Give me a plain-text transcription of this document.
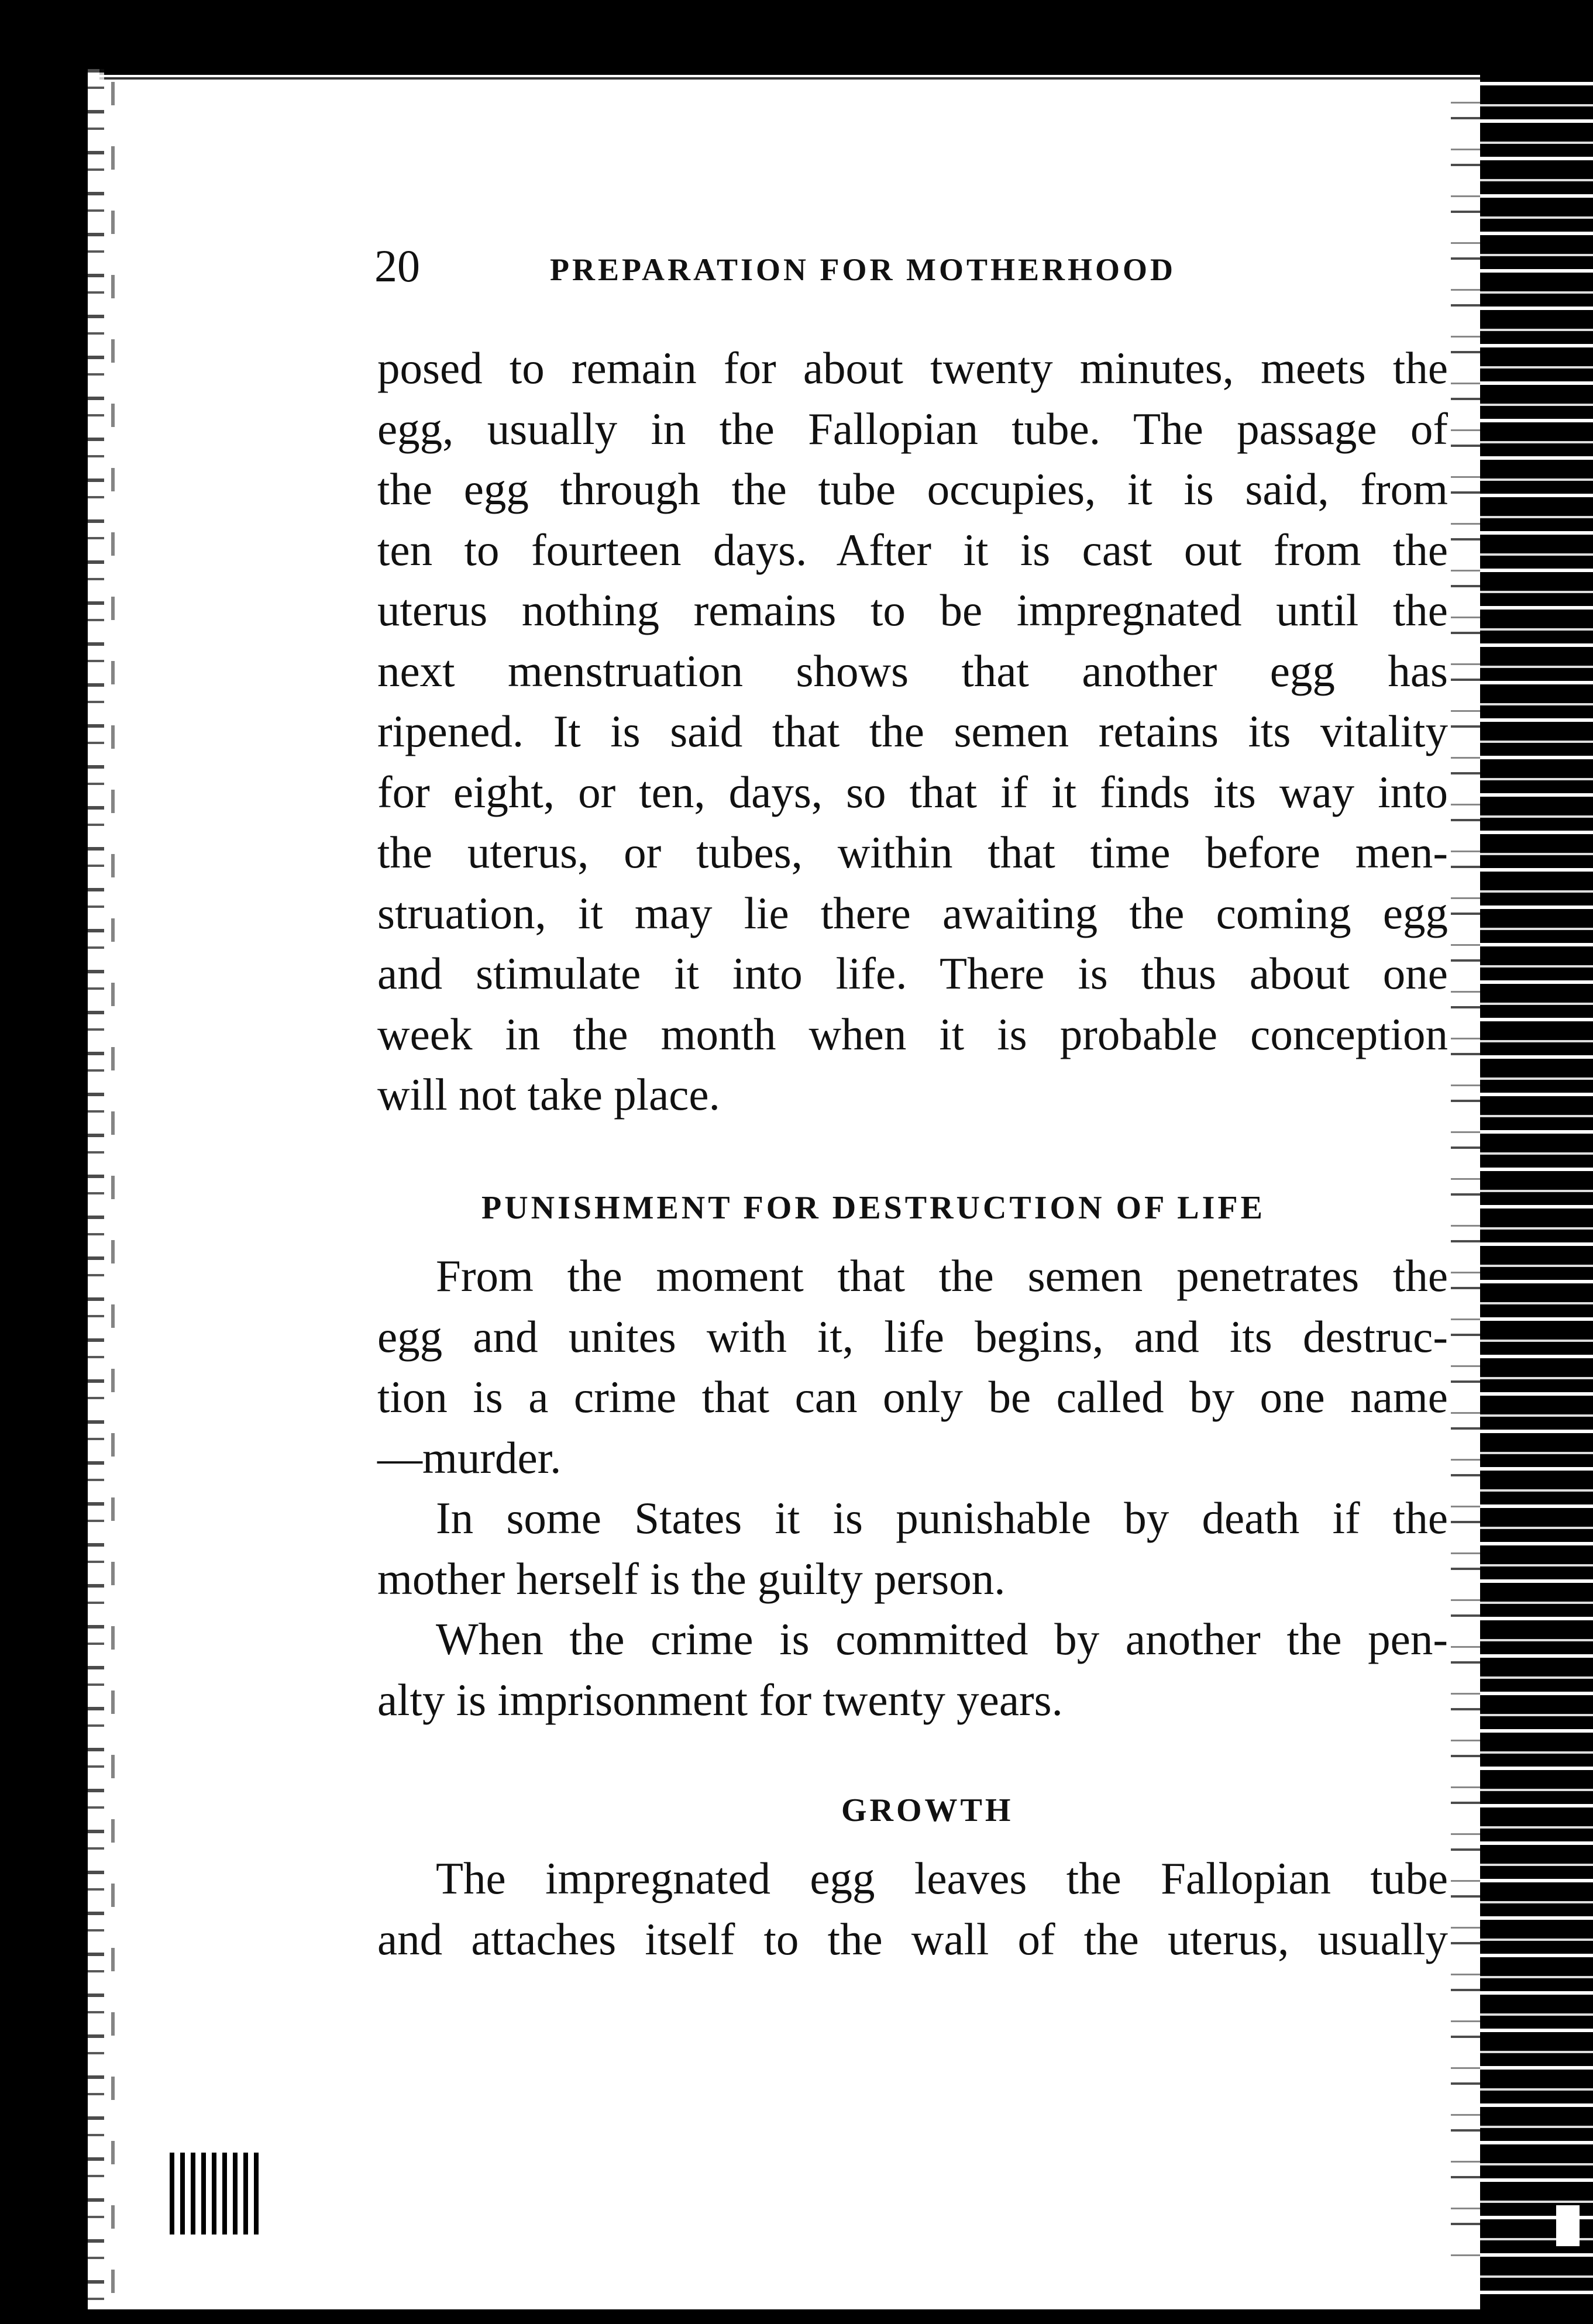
20	PREPARATION FOR MOTHERHOOD
posed to remain for about twenty minutes, meets the
egg, usually in the Fallopian tube. The passage of
the egg through the tube occupies, it is said, from
ten to fourteen days. After it is cast out from the
uterus nothing remains to be impregnated until the
next menstruation shows that another egg has
ripened. It is said that the semen retains its vitality
for eight, or ten, days, so that if it finds its way into
the uterus, or tubes, within that time before men-
struation, it may lie there awaiting the coming egg
and stimulate it into life. There is thus about one
week in the month when it is probable conception
will not take place.
PUNISHMENT FOR DESTRUCTION OF LIFE
From the moment that the semen penetrates the
egg and unites with it, life begins, and its destruc-
tion is a crime that can only be called by one name
—murder.
In some States it is punishable by death if the
mother herself is the guilty person.
When the crime is committed by another the pen-
alty is imprisonment for twenty years.
GROWTH
The impregnated egg leaves the Fallopian tube
and attaches itself to the wall of the uterus, usually
